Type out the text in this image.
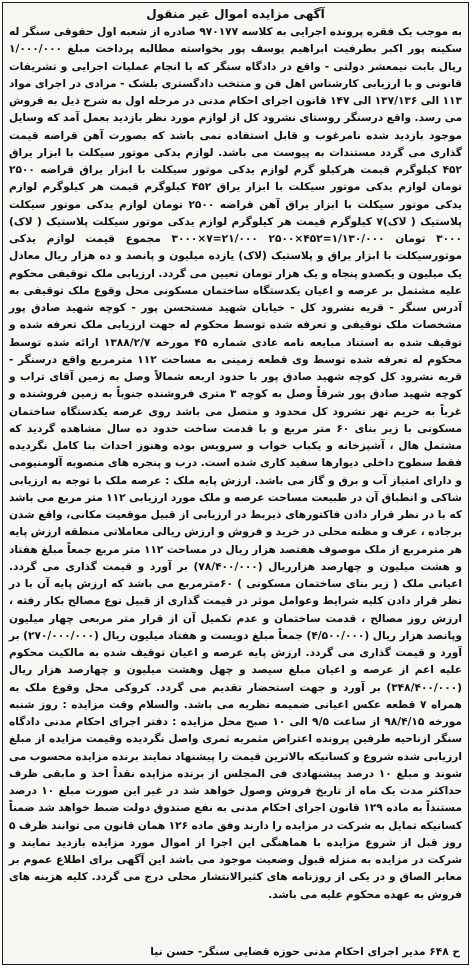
آگهی مزایده اموال غیر منقول

به موجب یک فقره پرونده اجرایی به کلاسه ۹۷۰۱۷۷ صادره از شعبه اول حقوقی سنگر له سکینه پور اکبر بطرفیت ابراهیم یوسف پور بخواسته مطالبه پرداخت مبلغ ۱/۰۰۰/۰۰۰ ریال بابت نیمعشر دولتی - واقع در دادگاه سنگر که با انجام عملیات اجرایی و تشریفات قانونی و با ارزیابی کارشناس اهل فن و منتخب دادگستری بلشک - مرادی در اجرای مواد ۱۱۳ الی ۱۳۷/۱۳۶ الی ۱۴۷ قانون اجرای احکام مدنی در مرحله اول به شرح ذیل به فروش می رسد. واقع درسنگر روستای نشرود کل از لوازم مورد نظر بازدید بعمل آمد که وسایل موجود بازدید شده نامرغوب و قابل استفاده نمی باشد که بصورت آهن قراضه قیمت گذاری می گردد مستندات به پیوست می باشد. لوازم یدکی موتور سیکلت با ابزار یراق ۴۵۲ کیلوگرم قیمت هرکیلو گرم لوازم یدکی موتور سیکلت با ابزار یراق قراضه ۲۵۰۰ تومان لوازم یدکی موتور سیکلت با ابزار یراق ۴۵۲ کیلوگرم قیمت هر کیلوگرم لوازم یدکی موتور سیکلت با ابزار یراق آهن قراضه ۲۵۰۰ تومان لوازم یدکی موتور سیکلت پلاستیک ( لاک)۷ کیلوگرم قیمت هر کیلوگرم لوازم یدکی موتور سیکلت پلاستیک ( لاک) ۳۰۰۰ تومان ۱/۱۳۰/۰۰۰=۴۵۲×۲۵۰۰ ۲۱/۰۰۰=۷×۳۰۰۰ مجموع قیمت لوازم یدکی موتورسیکلت با ابزار یراق و پلاستیک (لاک) یازده میلیون و پانصد و ده هزار ریال معادل یک میلیون و یکصدو پنجاه و یک هزار تومان تعیین می گردد. ارزیابی ملک توقیفی محکوم علیه مشتمل بر عرصه و اعیان یکدستگاه ساختمان مسکونی محل وقوع ملک توقیفی به آدرس سنگر - قریه نشرود کل - خیابان شهید مستحسن پور - کوچه شهید صادق پور مشخصات ملک توقیفی و تعرفه شده توسط محکوم له جهت ارزیابی ملک تعرفه شده و توقیف شده به استناد مبایعه نامه عادی شماره ۴۵ مورخه ۱۳۸۸/۲/۷ ارائه شده توسط محکوم له تعرفه شده توسط وی قطعه زمینی به مساحت ۱۱۲ مترمربع واقع درسنگر - قریه نشرود کل کوچه شهید صادق پور با حدود اربعه شمالاً وصل به زمین آقای تراب و کوچه شهید صادق پور شرقاً وصل به کوچه ۳ متری فروشنده جنوباً به زمین فروشنده و غرباً به حریم نهر نشرود کل محدود و متصل می باشد روی عرصه یکدستگاه ساختمان مسکونی با زیر بنای ۶۰ متر مربع و با قدمت ساخت حدود ده سال مشاهده گردید که مشتمل هال ، آشپزخانه و یکباب خواب و سرویس بوده وهنوز احداث بنا کامل نگردیده فقط سطوح داخلی دیوارها سفید کاری شده است. درب و پنجره های منصوبه آلومنیومی و دارای امتیاز آب و برق و گاز می باشد. ارزش پایه ملک : عرصه ملک با توجه به ارزیابی شاکی و انطباق آن در طبیعت مساحت عرصه و ملک مورد ارزیابی ۱۱۲ متر مربع می باشد که با در نظر قرار دادن فاکتورهای ذیربط در ارزیابی از قبیل موقعیت مکانی، واقع شدن برجاده ، عرف و مظنه محلی در خرید و فروش و ارزش ریالی معاملاتی منطقه ارزش پایه هر مترمربع از ملک موصوف هفتصد هزار ریال در مساحت ۱۱۲ متر مربع جمعاً مبلغ هفتاد و هشت میلیون و چهارصد هزارریال (۷۸/۴۰۰/۰۰۰) بر آورد و قیمت گذاری می گردد. اعیانی ملک ( زیر بنای ساختمان مسکونی ) ۶۰مترمربع می باشد که ارزش پایه آن با در نظر قرار دادن کلیه شرایط وعوامل موثر در قیمت گذاری از قبیل نوع مصالح بکار رفته ، ارزش روز مصالح ، قدمت ساختمان و عدم تکمیل آن از قرار متر مربعی چهار میلیون وپانصد هزار ریال (۴/۵۰۰/۰۰۰) جمعاً مبلغ دویست و هفتاد میلیون ریال (۲۷۰/۰۰۰/۰۰۰) بر آورد و قیمت گذاری می گردد. ارزش پایه عرصه و اعیان توقیف شده به مالکیت محکوم علیه اعم از عرصه و اعیان مبلغ سیصد و چهل وهشت میلیون و چهارصد هزار ریال (۳۴۸/۴۰۰/۰۰۰) بر آورد و جهت استحضار تقدیم می گردد. کروکی محل وقوع ملک به همراه ۷ قطعه عکس اعیانی ضمیمه نظریه می باشد. والسلام وقت مزایده : روز شنبه مورخه ۹۸/۴/۱۵ از ساعت ۹/۵ الی ۱۰ صبح محل مزایده : دفتر اجرای احکام مدنی دادگاه سنگر ازناحیه طرفین پرونده اعتراض مثمربه ثمری واصل نگردیده وقیمت مزایده از مبلغ ارزیابی شده شروع و کسانیکه بالاترین قیمت را پیشنهاد نمایند برنده مزایده محسوب می شوند و مبلغ ۱۰ درصد پیشنهادی فی المجلس از برنده مزایده نقداً اخذ و مابقی ظرف حداکثر مدت یک ماه از تاریخ فروش وصول خواهد شد در غیر این صورت مبلغ ۱۰ درصد مستنداً به ماده ۱۲۹ قانون اجرای احکام مدنی به نفع صندوق دولت ضبط خواهد شد ضمناً کسانیکه تمایل به شرکت در مزایده را دارند وفق ماده ۱۲۶ همان قانون می توانند ظرف ۵ روز قبل از شروع مزایده با هماهنگی این اجرا از اموال مورد مزایده بازدید نمایند و شرکت در مزایده به منزله قبول وضعیت موجود می باشد این آگهی برای اطلاع عموم بر معابر الصاق و در یکی از روزنامه های کثیرالانتشار محلی درج می گردد. کلیه هزینه های فروش به عهده محکوم علیه می باشد.

ح ۶۴۸ مدیر اجرای احکام مدنی حوزه قضایی سنگر- حسن نیا
